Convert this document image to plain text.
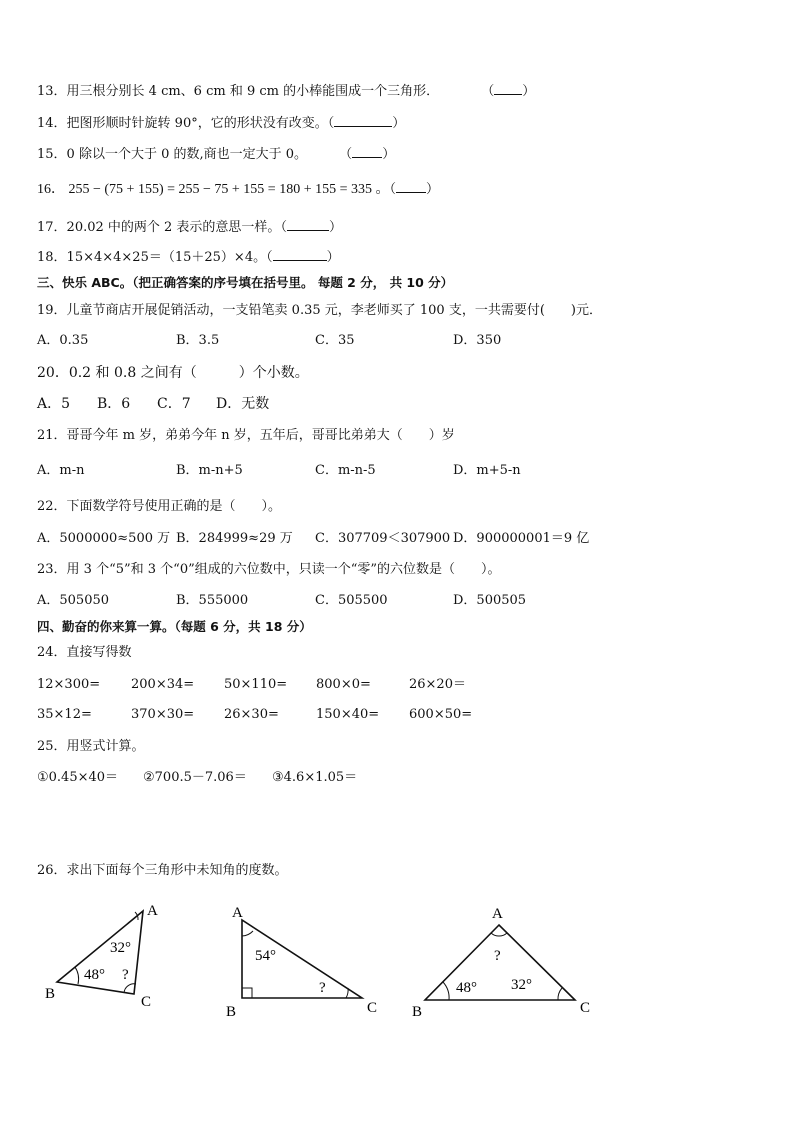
13．用三根分别长 4 cm、6 cm 和 9 cm 的小棒能围成一个三角形．	（ ）
14．把图形顺时针旋转 90°，它的形状没有改变。（	）
15．0 除以一个大于 0 的数,商也一定大于 0。 （ ）
16． 255 − (75 + 155) = 255 − 75 + 155 = 180 + 155 = 335 。（ ）
17．20.02 中的两个 2 表示的意思一样。（	）
18．15×4×4×25＝（15＋25）×4。（	）
三、快乐 ABC。（把正确答案的序号填在括号里。 每题 2 分， 共 10 分）
19．儿童节商店开展促销活动，一支铅笔卖 0.35 元，李老师买了 100 支，一共需要付(　　)元．
A．0.35	B．3.5	C．35	D．350
20．0.2 和 0.8 之间有（　　　）个小数。
A．5 B．6 C．7 D．无数
21．哥哥今年 m 岁，弟弟今年 n 岁，五年后，哥哥比弟弟大（　　）岁
A．m-n	B．m-n+5	C．m-n-5	D．m+5-n
22．下面数学符号使用正确的是（　　）。
A．5000000≈500 万 B．284999≈29 万 C．307709＜307900 D．900000001＝9 亿
23．用 3 个“5”和 3 个“0”组成的六位数中，只读一个“零”的六位数是（　　）。
A．505050	B．555000	C．505500	D．500505
四、勤奋的你来算一算。（每题 6 分，共 18 分）
24．直接写得数
12×300= 200×34= 50×110= 800×0=	26×20＝
35×12=	370×30= 26×30=	150×40= 600×50=
25．用竖式计算。
①0.45×40＝ ②700.5－7.06＝ ③4.6×1.05＝
26．求出下面每个三角形中未知角的度数。
A
B	C
32°
48° ?
A
B	C
54°
?
A
B	C
?
48° 32°
